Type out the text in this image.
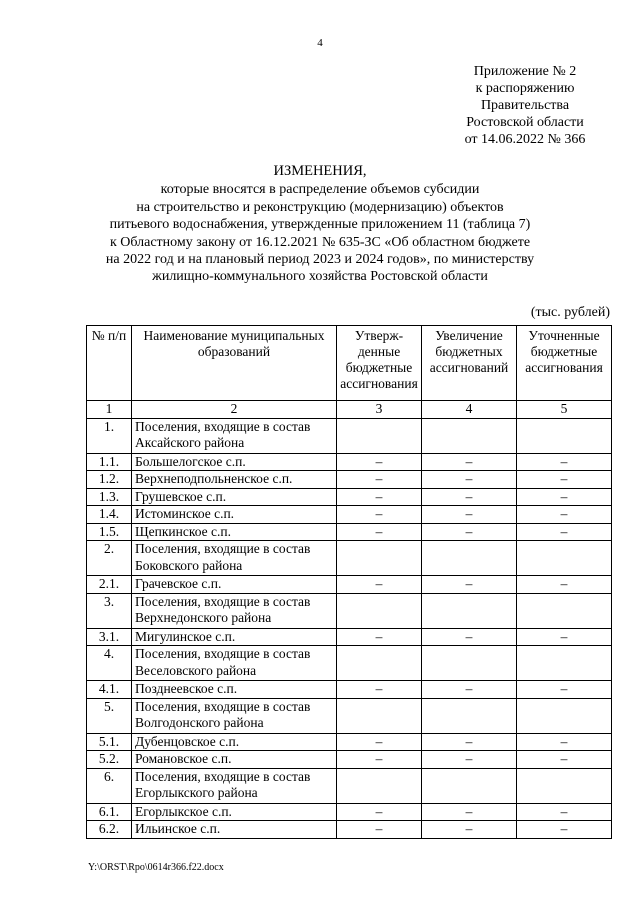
4
Приложение № 2
к распоряжению
Правительства
Ростовской области
от 14.06.2022 № 366
ИЗМЕНЕНИЯ,
которые вносятся в распределение объемов субсидии
на строительство и реконструкцию (модернизацию) объектов
питьевого водоснабжения, утвержденные приложением 11 (таблица 7)
к Областному закону от 16.12.2021 № 635-ЗС «Об областном бюджете
на 2022 год и на плановый период 2023 и 2024 годов», по министерству
жилищно-коммунального хозяйства Ростовской области
(тыс. рублей)
№ п/п	Наименование муниципальных образований	Утверж-денные бюджетные ассигнования	Увеличение бюджетных ассигнований	Уточненные бюджетные ассигнования
1	2	3	4	5
1.	Поселения, входящие в состав Аксайского района			
1.1.	Большелогское с.п.	–	–	–
1.2.	Верхнеподпольненское с.п.	–	–	–
1.3.	Грушевское с.п.	–	–	–
1.4.	Истоминское с.п.	–	–	–
1.5.	Щепкинское с.п.	–	–	–
2.	Поселения, входящие в состав Боковского района			
2.1.	Грачевское с.п.	–	–	–
3.	Поселения, входящие в состав Верхнедонского района			
3.1.	Мигулинское с.п.	–	–	–
4.	Поселения, входящие в состав Веселовского района			
4.1.	Позднеевское с.п.	–	–	–
5.	Поселения, входящие в состав Волгодонского района			
5.1.	Дубенцовское с.п.	–	–	–
5.2.	Романовское с.п.	–	–	–
6.	Поселения, входящие в состав Егорлыкского района			
6.1.	Егорлыкское с.п.	–	–	–
6.2.	Ильинское с.п.	–	–	–
Y:\ORST\Rpo\0614r366.f22.docx
